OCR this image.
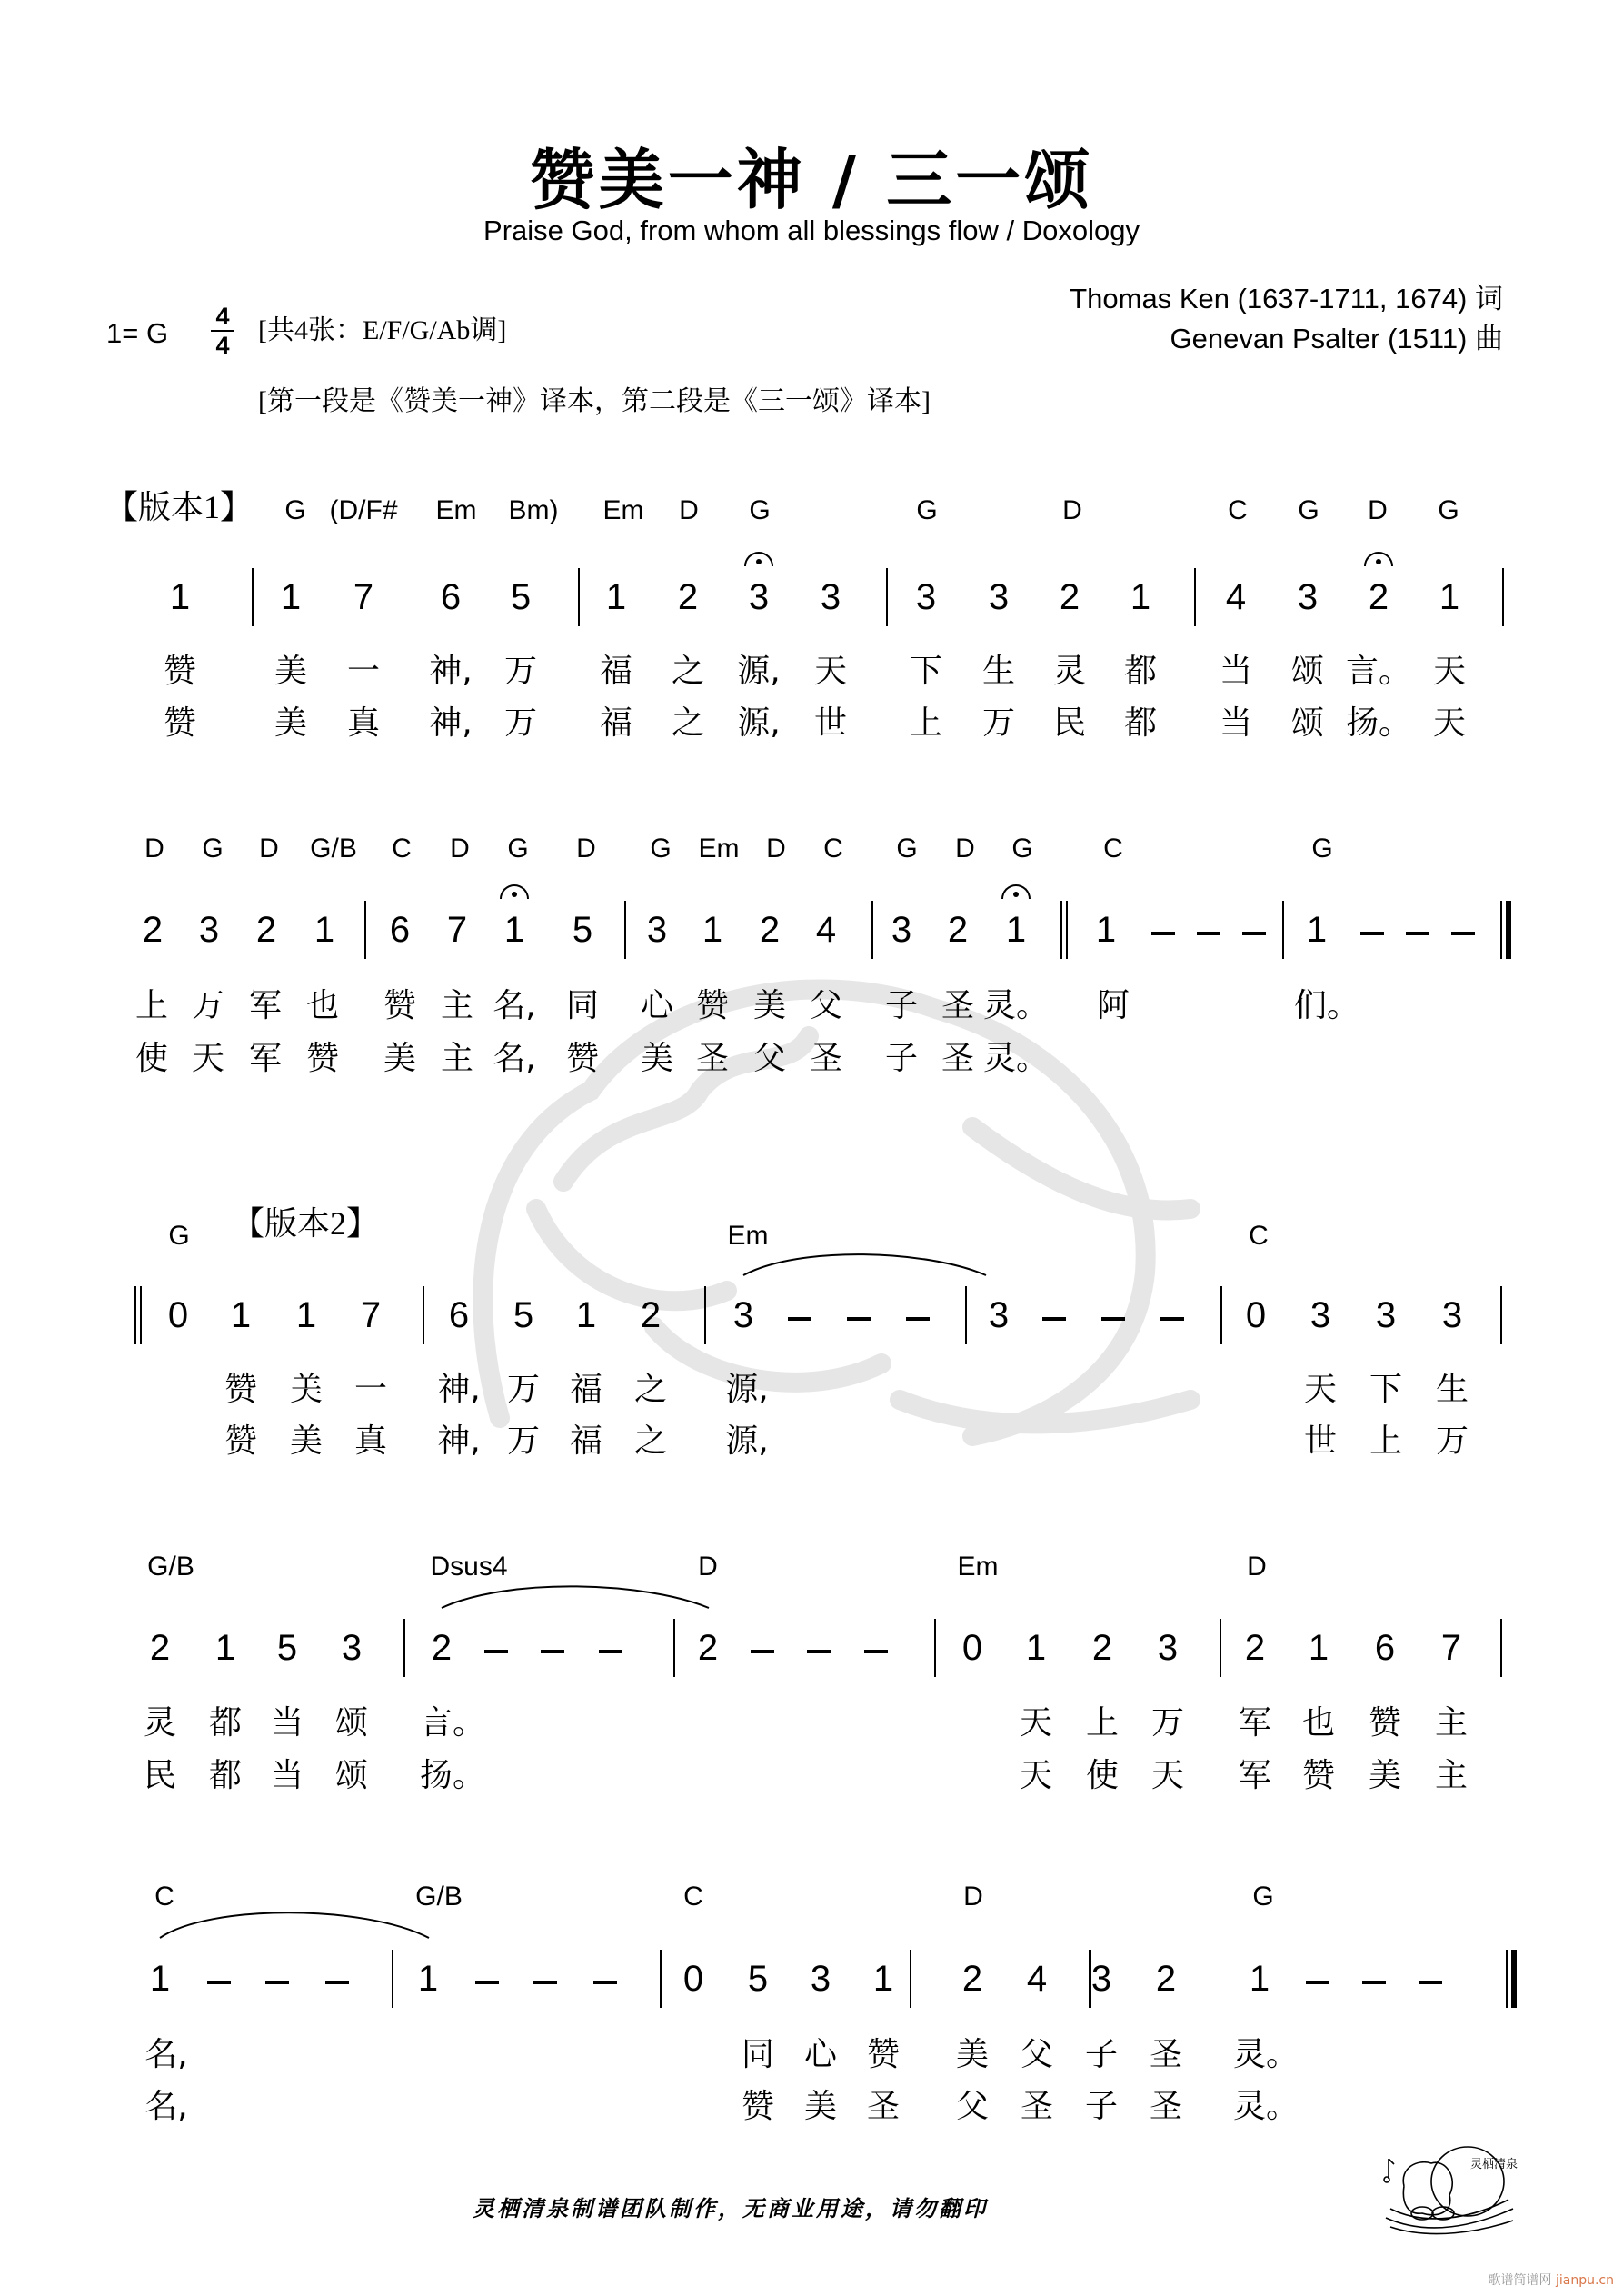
赞美一神 / 三一颂
Praise God, from whom all blessings flow / Doxology
Thomas Ken (1637-1711, 1674) 词
Genevan Psalter (1511) 曲
1= G $\frac{4}{4}$ [共4张：E/F/G/Ab调]
[第一段是《赞美一神》译本，第二段是《三一颂》译本]
【版本1】 G (D/F# Em Bm) Em D G	G	D	C G D G
1 1 7 6 5 1 2 3 3 3 3 2 1 4 3 2 1
赞 美 一 神, 万 福 之 源, 天 下 生 灵 都 当 颂 言。 天
赞 美 真 神, 万 福 之 源, 世 上 万 民 都 当 颂 扬。 天
D G D G/B C D G D G Em D C G D G	C	G
2 3 2 1 6 7 1 5 3 1 2 4 3 2 1 1	1
上 万 军 也 赞 主 名, 同 心 赞 美 父 子 圣 灵。 阿	们。
使 天 军 赞 美 主 名, 赞 美 圣 父 圣 子 圣 灵。
【版本2】
G	Em	C
0 1 1 7 6 5 1 2 3	3	0 3 3 3
赞 美 一 神, 万 福 之 源,	天 下 生
赞 美 真 神, 万 福 之 源,	世 上 万
G/B	Dsus4	D	Em	D
2 1 5 3 2	2	0 1 2 3 2 1 6 7
灵 都 当 颂 言。	天 上 万 军 也 赞 主
民 都 当 颂 扬。	天 使 天 军 赞 美 主
C	G/B	C	D	G
1	1	0 5 3 1 2 4 3 2 1
名,	同 心 赞 美 父 子 圣 灵。
名,	赞 美 圣 父 圣 子 圣 灵。
灵栖清泉制谱团队制作，无商业用途，请勿翻印
灵栖清泉
歌谱简谱网 jianpu.cn
